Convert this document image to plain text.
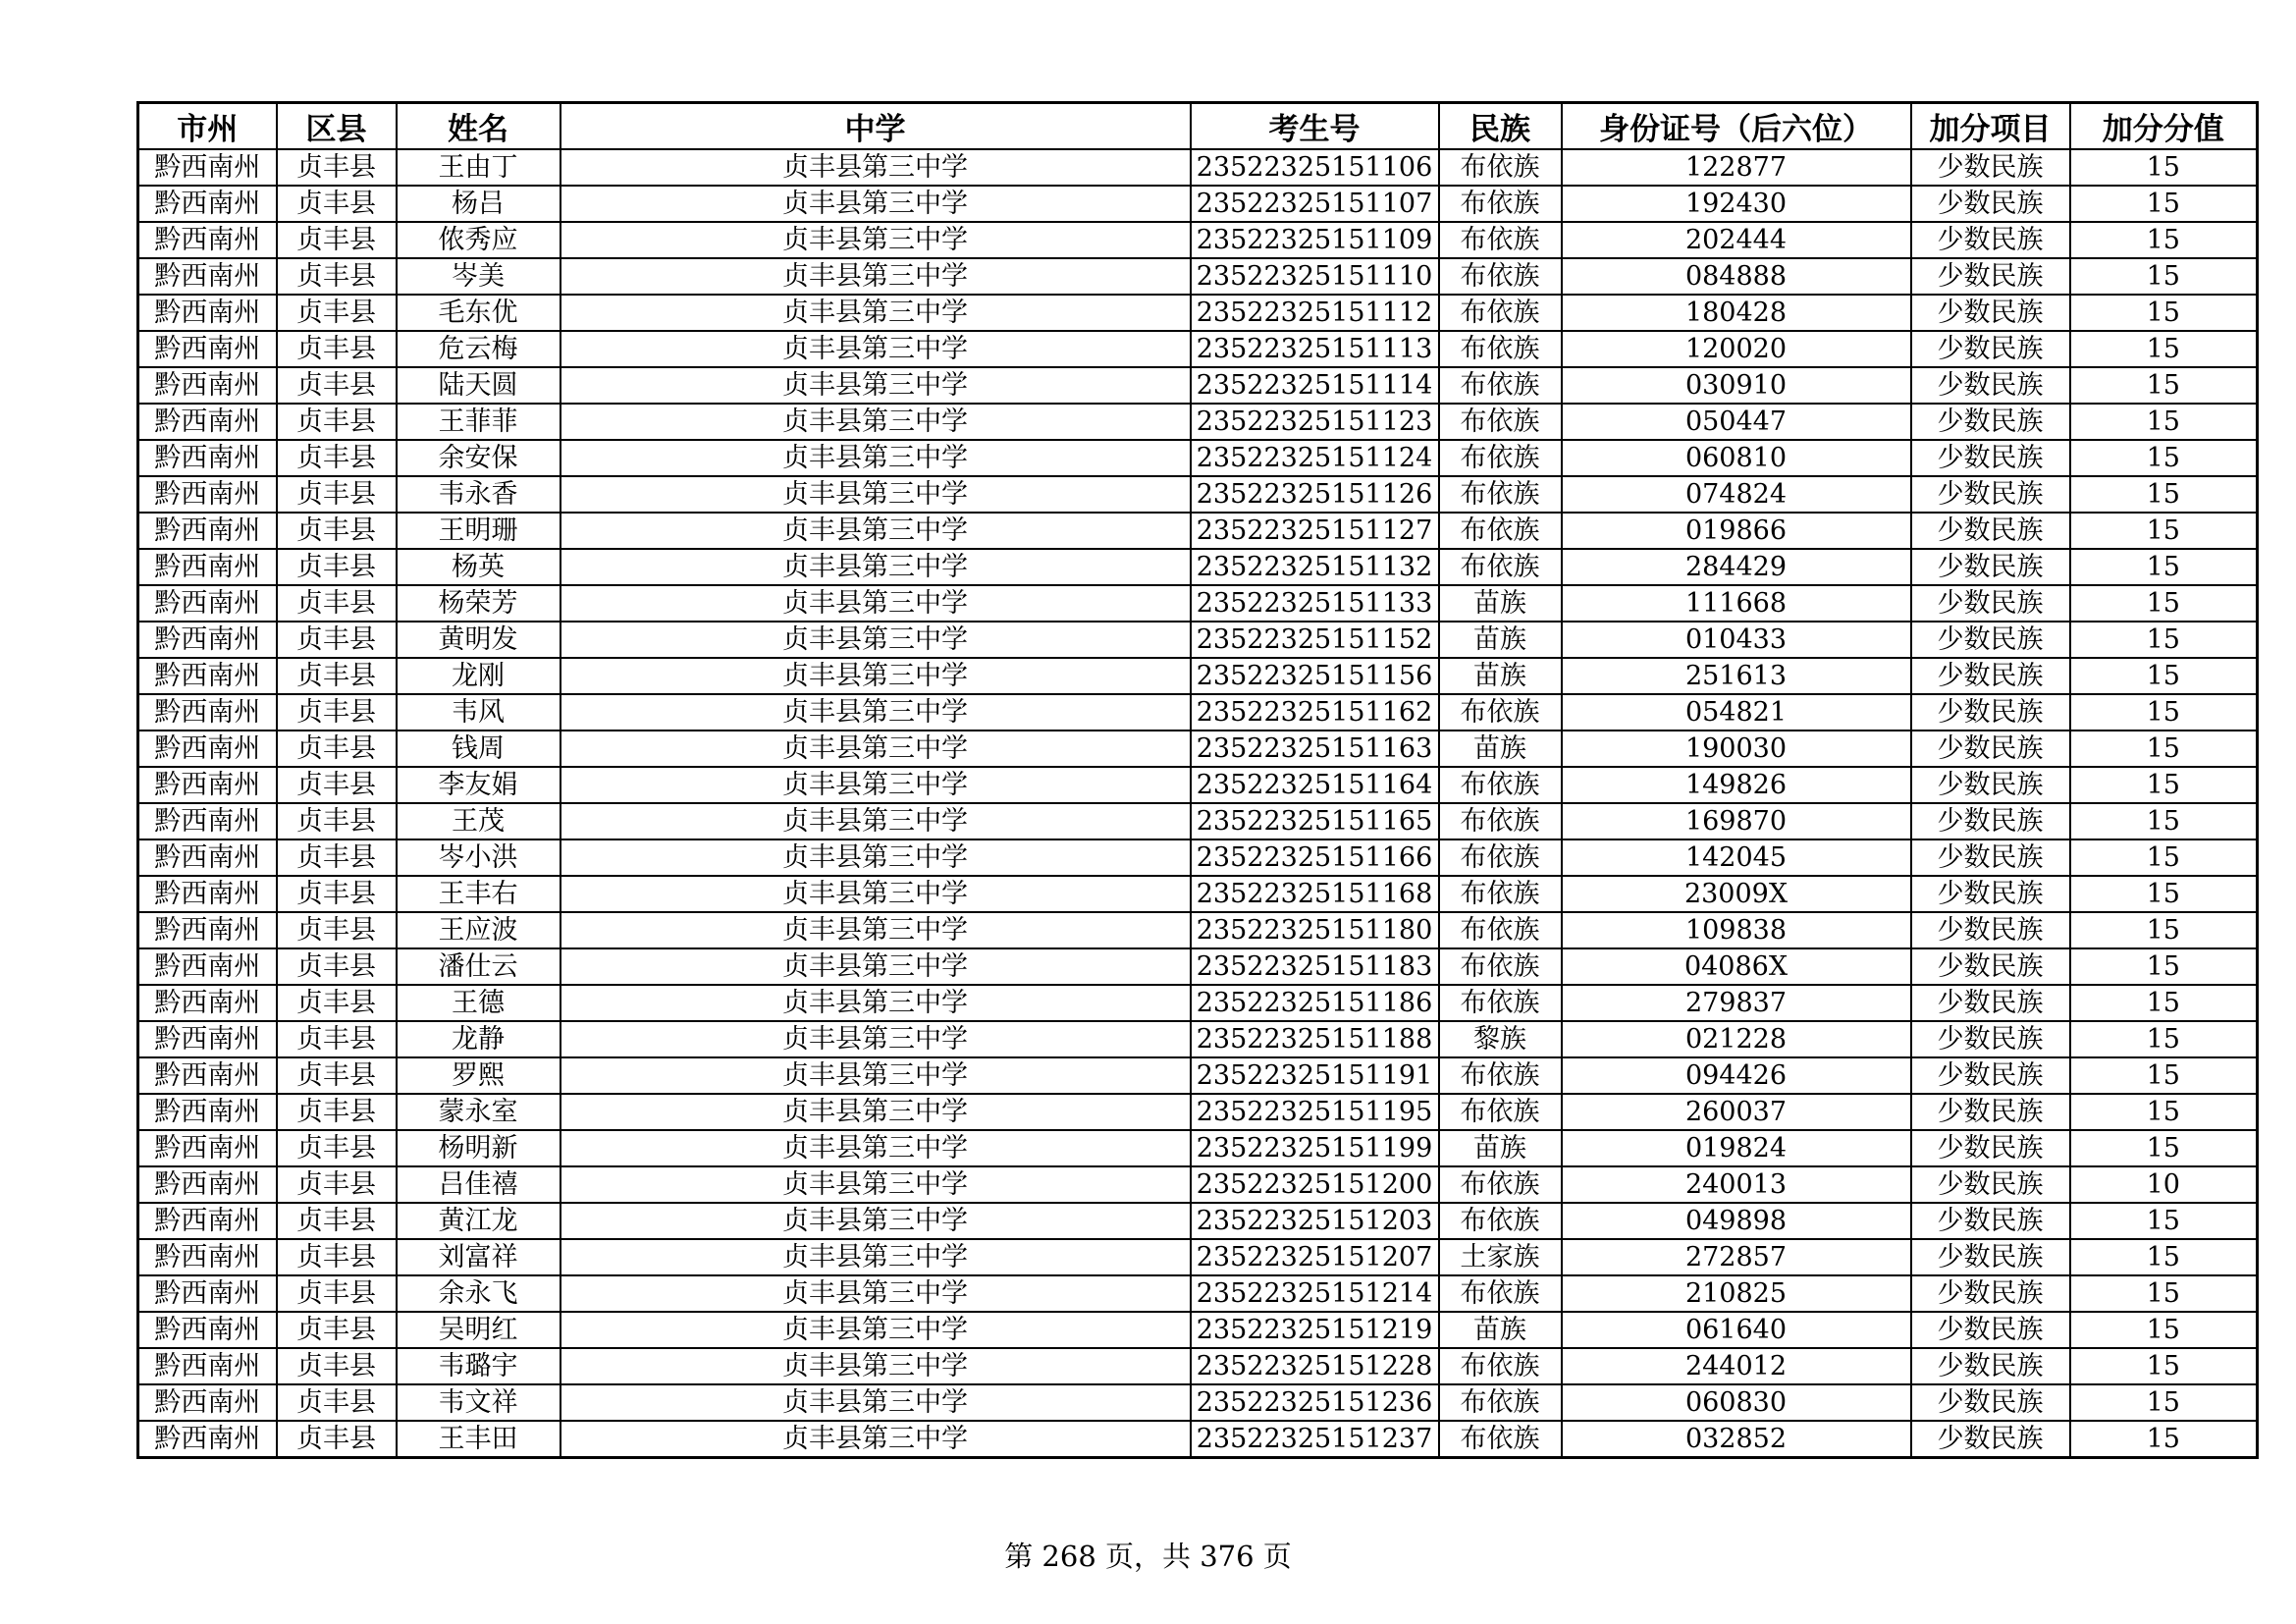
市州	区县	姓名	中学	考生号	民族	身份证号（后六位）	加分项目	加分分值
黔西南州	贞丰县	王由丁	贞丰县第三中学	23522325151106	布依族	122877	少数民族	15
黔西南州	贞丰县	杨吕	贞丰县第三中学	23522325151107	布依族	192430	少数民族	15
黔西南州	贞丰县	侬秀应	贞丰县第三中学	23522325151109	布依族	202444	少数民族	15
黔西南州	贞丰县	岑美	贞丰县第三中学	23522325151110	布依族	084888	少数民族	15
黔西南州	贞丰县	毛东优	贞丰县第三中学	23522325151112	布依族	180428	少数民族	15
黔西南州	贞丰县	危云梅	贞丰县第三中学	23522325151113	布依族	120020	少数民族	15
黔西南州	贞丰县	陆天圆	贞丰县第三中学	23522325151114	布依族	030910	少数民族	15
黔西南州	贞丰县	王菲菲	贞丰县第三中学	23522325151123	布依族	050447	少数民族	15
黔西南州	贞丰县	余安保	贞丰县第三中学	23522325151124	布依族	060810	少数民族	15
黔西南州	贞丰县	韦永香	贞丰县第三中学	23522325151126	布依族	074824	少数民族	15
黔西南州	贞丰县	王明珊	贞丰县第三中学	23522325151127	布依族	019866	少数民族	15
黔西南州	贞丰县	杨英	贞丰县第三中学	23522325151132	布依族	284429	少数民族	15
黔西南州	贞丰县	杨荣芳	贞丰县第三中学	23522325151133	苗族	111668	少数民族	15
黔西南州	贞丰县	黄明发	贞丰县第三中学	23522325151152	苗族	010433	少数民族	15
黔西南州	贞丰县	龙刚	贞丰县第三中学	23522325151156	苗族	251613	少数民族	15
黔西南州	贞丰县	韦风	贞丰县第三中学	23522325151162	布依族	054821	少数民族	15
黔西南州	贞丰县	钱周	贞丰县第三中学	23522325151163	苗族	190030	少数民族	15
黔西南州	贞丰县	李友娟	贞丰县第三中学	23522325151164	布依族	149826	少数民族	15
黔西南州	贞丰县	王茂	贞丰县第三中学	23522325151165	布依族	169870	少数民族	15
黔西南州	贞丰县	岑小洪	贞丰县第三中学	23522325151166	布依族	142045	少数民族	15
黔西南州	贞丰县	王丰右	贞丰县第三中学	23522325151168	布依族	23009X	少数民族	15
黔西南州	贞丰县	王应波	贞丰县第三中学	23522325151180	布依族	109838	少数民族	15
黔西南州	贞丰县	潘仕云	贞丰县第三中学	23522325151183	布依族	04086X	少数民族	15
黔西南州	贞丰县	王德	贞丰县第三中学	23522325151186	布依族	279837	少数民族	15
黔西南州	贞丰县	龙静	贞丰县第三中学	23522325151188	黎族	021228	少数民族	15
黔西南州	贞丰县	罗熙	贞丰县第三中学	23522325151191	布依族	094426	少数民族	15
黔西南州	贞丰县	蒙永室	贞丰县第三中学	23522325151195	布依族	260037	少数民族	15
黔西南州	贞丰县	杨明新	贞丰县第三中学	23522325151199	苗族	019824	少数民族	15
黔西南州	贞丰县	吕佳禧	贞丰县第三中学	23522325151200	布依族	240013	少数民族	10
黔西南州	贞丰县	黄江龙	贞丰县第三中学	23522325151203	布依族	049898	少数民族	15
黔西南州	贞丰县	刘富祥	贞丰县第三中学	23522325151207	土家族	272857	少数民族	15
黔西南州	贞丰县	余永飞	贞丰县第三中学	23522325151214	布依族	210825	少数民族	15
黔西南州	贞丰县	吴明红	贞丰县第三中学	23522325151219	苗族	061640	少数民族	15
黔西南州	贞丰县	韦璐宇	贞丰县第三中学	23522325151228	布依族	244012	少数民族	15
黔西南州	贞丰县	韦文祥	贞丰县第三中学	23522325151236	布依族	060830	少数民族	15
黔西南州	贞丰县	王丰田	贞丰县第三中学	23522325151237	布依族	032852	少数民族	15
第 268 页，共 376 页
